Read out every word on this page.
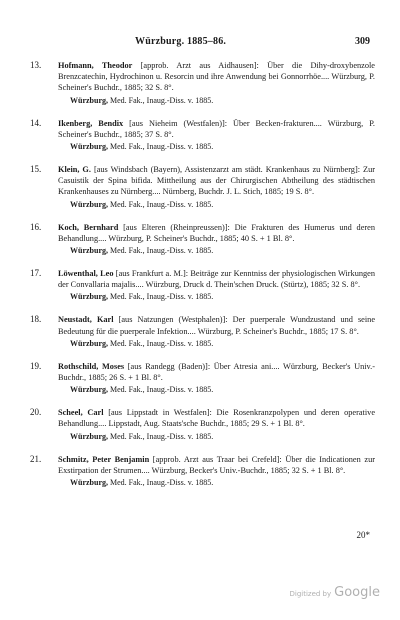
Würzburg. 1885–86.	309
13. Hofmann, Theodor [approb. Arzt aus Aidhausen]: Über die Dihy-droxybenzole Brenzcatechin, Hydrochinon u. Resorcin und ihre Anwendung bei Gonnorrhöe.... Würzburg, P. Scheiner's Buchdr., 1885; 32 S. 8°.
Würzburg, Med. Fak., Inaug.-Diss. v. 1885.
14. Ikenberg, Bendix [aus Nieheim (Westfalen)]: Über Becken-frakturen.... Würzburg, P. Scheiner's Buchdr., 1885; 37 S. 8°.
Würzburg, Med. Fak., Inaug.-Diss. v. 1885.
15. Klein, G. [aus Windsbach (Bayern), Assistenzarzt am städt. Krankenhaus zu Nürnberg]: Zur Casuistik der Spina bifida. Mittheilung aus der Chirurgischen Abtheilung des städtischen Krankenhauses zu Nürnberg.... Nürnberg, Buchdr. J. L. Stich, 1885; 19 S. 8°.
Würzburg, Med. Fak., Inaug.-Diss. v. 1885.
16. Koch, Bernhard [aus Elteren (Rheinpreussen)]: Die Frakturen des Humerus und deren Behandlung.... Würzburg, P. Scheiner's Buchdr., 1885; 40 S. + 1 Bl. 8°.
Würzburg, Med. Fak., Inaug.-Diss. v. 1885.
17. Löwenthal, Leo [aus Frankfurt a. M.]: Beiträge zur Kenntniss der physiologischen Wirkungen der Convallaria majalis.... Würzburg, Druck d. Thein'schen Druck. (Stürtz), 1885; 32 S. 8°.
Würzburg, Med. Fak., Inaug.-Diss. v. 1885.
18. Neustadt, Karl [aus Natzungen (Westphalen)]: Der puerperale Wundzustand und seine Bedeutung für die puerperale Infektion.... Würzburg, P. Scheiner's Buchdr., 1885; 17 S. 8°.
Würzburg, Med. Fak., Inaug.-Diss. v. 1885.
19. Rothschild, Moses [aus Randegg (Baden)]: Über Atresia ani.... Würzburg, Becker's Univ.-Buchdr., 1885; 26 S. + 1 Bl. 8°.
Würzburg, Med. Fak., Inaug.-Diss. v. 1885.
20. Scheel, Carl [aus Lippstadt in Westfalen]: Die Rosenkranzpolypen und deren operative Behandlung.... Lippstadt, Aug. Staats'sche Buchdr., 1885; 29 S. + 1 Bl. 8°.
Würzburg, Med. Fak., Inaug.-Diss. v. 1885.
21. Schmitz, Peter Benjamin [approb. Arzt aus Traar bei Crefeld]: Über die Indicationen zur Exstirpation der Strumen.... Würzburg, Becker's Univ.-Buchdr., 1885; 32 S. + 1 Bl. 8°.
Würzburg, Med. Fak., Inaug.-Diss. v. 1885.
20*
Digitized by Google
